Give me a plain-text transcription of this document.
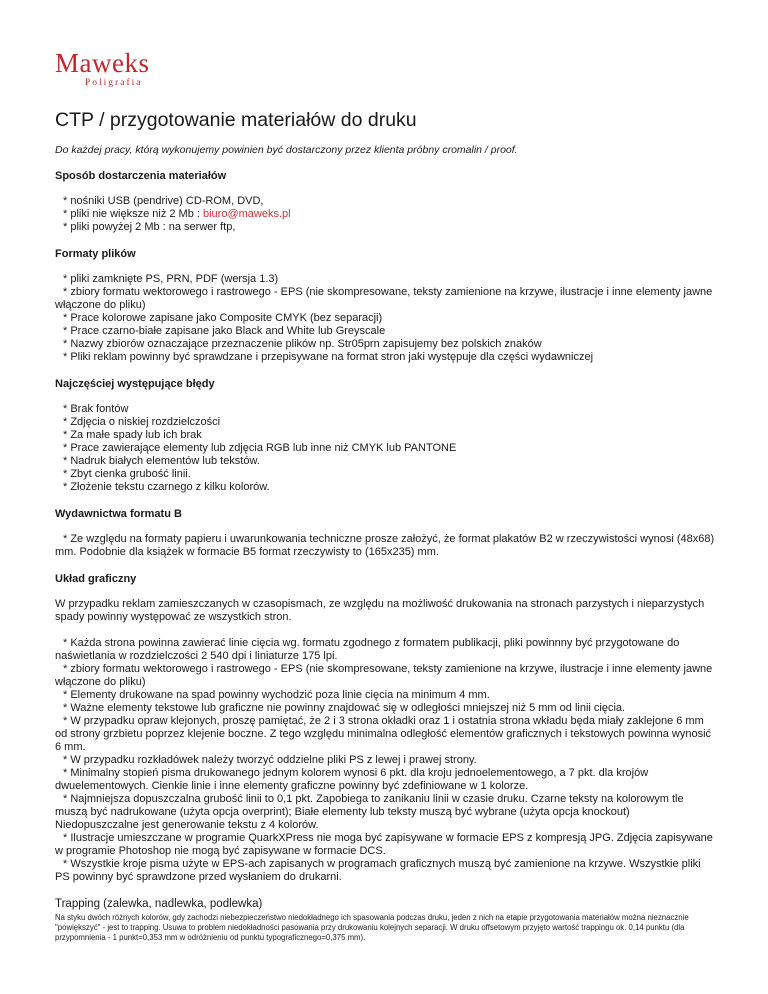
Maweks
Poligrafia
CTP / przygotowanie materiałów do druku

Do każdej pracy, którą wykonujemy powinien być dostarczony przez klienta próbny cromalin / proof.

Sposób dostarczenia materiałów

* nośniki USB (pendrive) CD-ROM, DVD,

* pliki nie większe niż 2 Mb : biuro@maweks.pl

* pliki powyżej 2 Mb : na serwer ftp,

Formaty plików

* pliki zamknięte PS, PRN, PDF (wersja 1.3)

* zbiory formatu wektorowego i rastrowego - EPS (nie skompresowane, teksty zamienione na krzywe, ilustracje i inne elementy jawne włączone do pliku)

* Prace kolorowe zapisane jako Composite CMYK (bez separacji)

* Prace czarno-białe zapisane jako Black and White lub Greyscale

* Nazwy zbiorów oznaczające przeznaczenie plików np. Str05prn zapisujemy bez polskich znaków

* Pliki reklam powinny być sprawdzane i przepisywane na format stron jaki występuje dla części wydawniczej

Najczęściej występujące błędy

* Brak fontów

* Zdjęcia o niskiej rozdzielczości

* Za małe spady lub ich brak

* Prace zawierające elementy lub zdjęcia RGB lub inne niż CMYK lub PANTONE

* Nadruk białych elementów lub tekstów.

* Zbyt cienka grubość linii.

* Złożenie tekstu czarnego z kilku kolorów.

Wydawnictwa formatu B

* Ze względu na formaty papieru i uwarunkowania techniczne prosze założyć, że format plakatów B2 w rzeczywistości wynosi (48x68) mm. Podobnie dla książek w formacie B5 format rzeczywisty to (165x235) mm.

Układ graficzny

W przypadku reklam zamieszczanych w czasopismach, ze względu na możliwość drukowania na stronach parzystych i nieparzystych spady powinny występować ze wszystkich stron.

* Każda strona powinna zawierać linie cięcia wg. formatu zgodnego z formatem publikacji, pliki powinnny być przygotowane do naświetlania w rozdzielczości 2 540 dpi i liniaturze 175 lpi.

* zbiory formatu wektorowego i rastrowego - EPS (nie skompresowane, teksty zamienione na krzywe, ilustracje i inne elementy jawne włączone do pliku)

* Elementy drukowane na spad powinny wychodzić poza linie cięcia na minimum 4 mm.

* Ważne elementy tekstowe lub graficzne nie powinny znajdować się w odległości mniejszej niż 5 mm od linii cięcia.

* W przypadku opraw klejonych, proszę pamiętać, że 2 i 3 strona okładki oraz 1 i ostatnia strona wkładu będa miały zaklejone 6 mm od strony grzbietu poprzez klejenie boczne. Z tego względu minimalna odległość elementów graficznych i tekstowych powinna wynosić 6 mm.

* W przypadku rozkładówek należy tworzyć oddzielne pliki PS z lewej i prawej strony.

* Minimalny stopień pisma drukowanego jednym kolorem wynosi 6 pkt. dla kroju jednoelementowego, a 7 pkt. dla krojów dwuelementowych. Cienkie linie i inne elementy graficzne powinny być zdefiniowane w 1 kolorze.

* Najmniejsza dopuszczalna grubość linii to 0,1 pkt. Zapobiega to zanikaniu linii w czasie druku. Czarne teksty na kolorowym tle muszą być nadrukowane (użyta opcja overprint); Białe elementy lub teksty muszą być wybrane (użyta opcja knockout) Niedopuszczalne jest generowanie tekstu z 4 kolorów.

* Ilustracje umieszczane w programie QuarkXPress nie moga być zapisywane w formacie EPS z kompresją JPG. Zdjęcia zapisywane w programie Photoshop nie mogą być zapisywane w formacie DCS.

* Wszystkie kroje pisma użyte w EPS-ach zapisanych w programach graficznych muszą być zamienione na krzywe. Wszystkie pliki PS powinny być sprawdzone przed wysłaniem do drukarni.

Trapping (zalewka, nadlewka, podlewka)

Na styku dwóch różnych kolorów, gdy zachodzi niebezpieczeństwo niedokładnego ich spasowania podczas druku, jeden z nich na etapie przygotowania materiałów można nieznacznie "powiększyć" - jest to trapping. Usuwa to problem niedokładności pasowania przy drukowaniu kolejnych separacji. W druku offsetowym przyjęto wartość trappingu ok. 0,14 punktu (dla przypomnienia - 1 punkt=0,353 mm w odróżnieniu od punktu typograficznego=0,375 mm).
